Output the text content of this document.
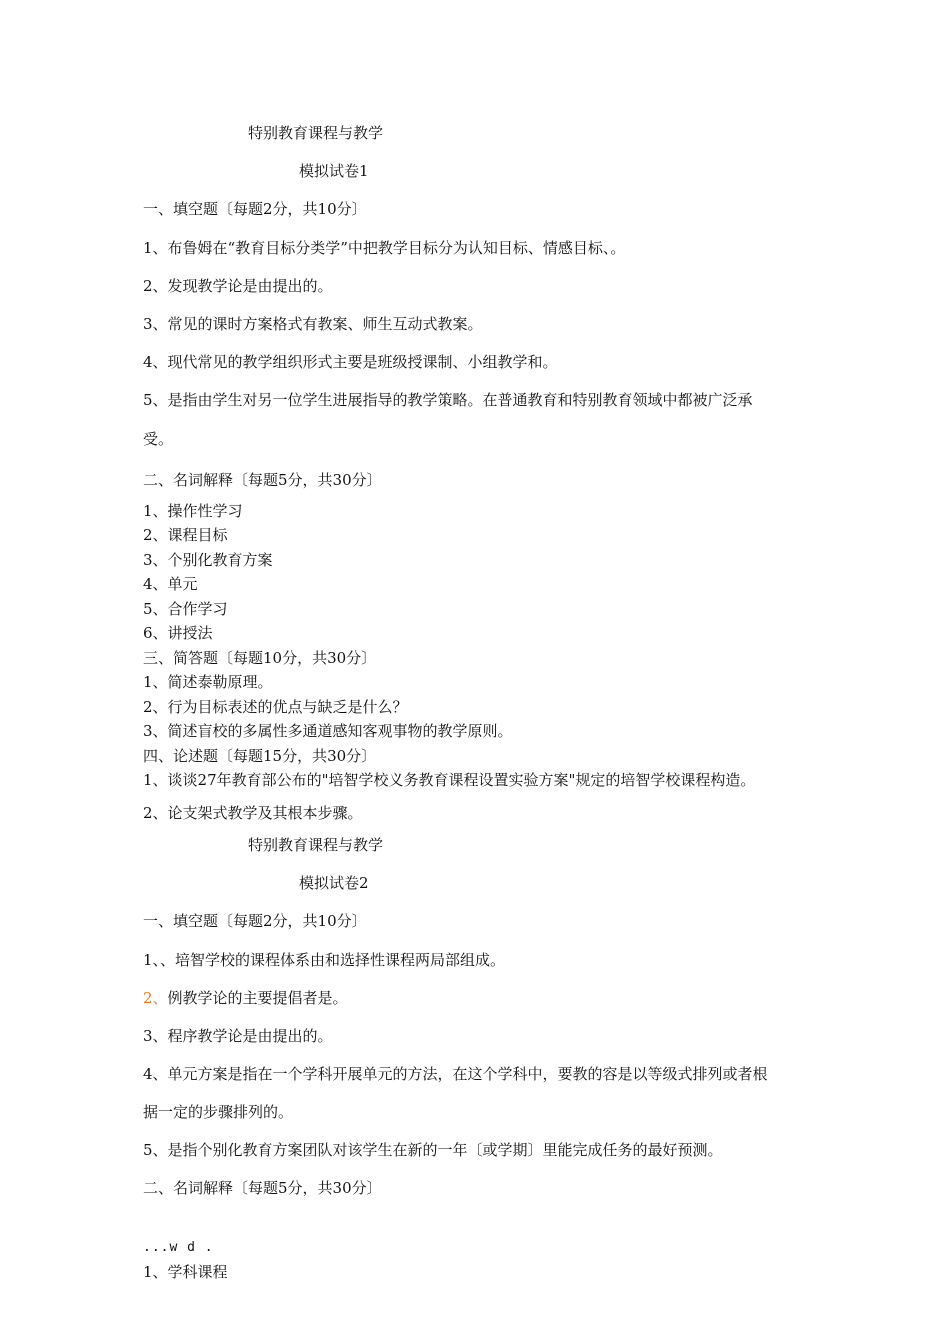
特别教育课程与教学
模拟试卷1
一、填空题〔每题2分，共10分〕
1、布鲁姆在“教育目标分类学”中把教学目标分为认知目标、情感目标、。
2、发现教学论是由提出的。
3、常见的课时方案格式有教案、师生互动式教案。
4、现代常见的教学组织形式主要是班级授课制、小组教学和。
5、是指由学生对另一位学生进展指导的教学策略。在普通教育和特别教育领域中都被广泛承
受。
二、名词解释〔每题5分，共30分〕
1、操作性学习
2、课程目标
3、个别化教育方案
4、单元
5、合作学习
6、讲授法
三、简答题〔每题10分，共30分〕
1、简述泰勒原理。
2、行为目标表述的优点与缺乏是什么？
3、简述盲校的多属性多通道感知客观事物的教学原则。
四、论述题〔每题15分，共30分〕
1、谈谈27年教育部公布的"培智学校义务教育课程设置实验方案"规定的培智学校课程构造。
2、论支架式教学及其根本步骤。
特别教育课程与教学
模拟试卷2
一、填空题〔每题2分，共10分〕
1、、培智学校的课程体系由和选择性课程两局部组成。
2、例教学论的主要提倡者是。
3、程序教学论是由提出的。
4、单元方案是指在一个学科开展单元的方法，在这个学科中，要教的容是以等级式排列或者根
据一定的步骤排列的。
5、是指个别化教育方案团队对该学生在新的一年〔或学期〕里能完成任务的最好预测。
二、名词解释〔每题5分，共30分〕
...w d .
1、学科课程
